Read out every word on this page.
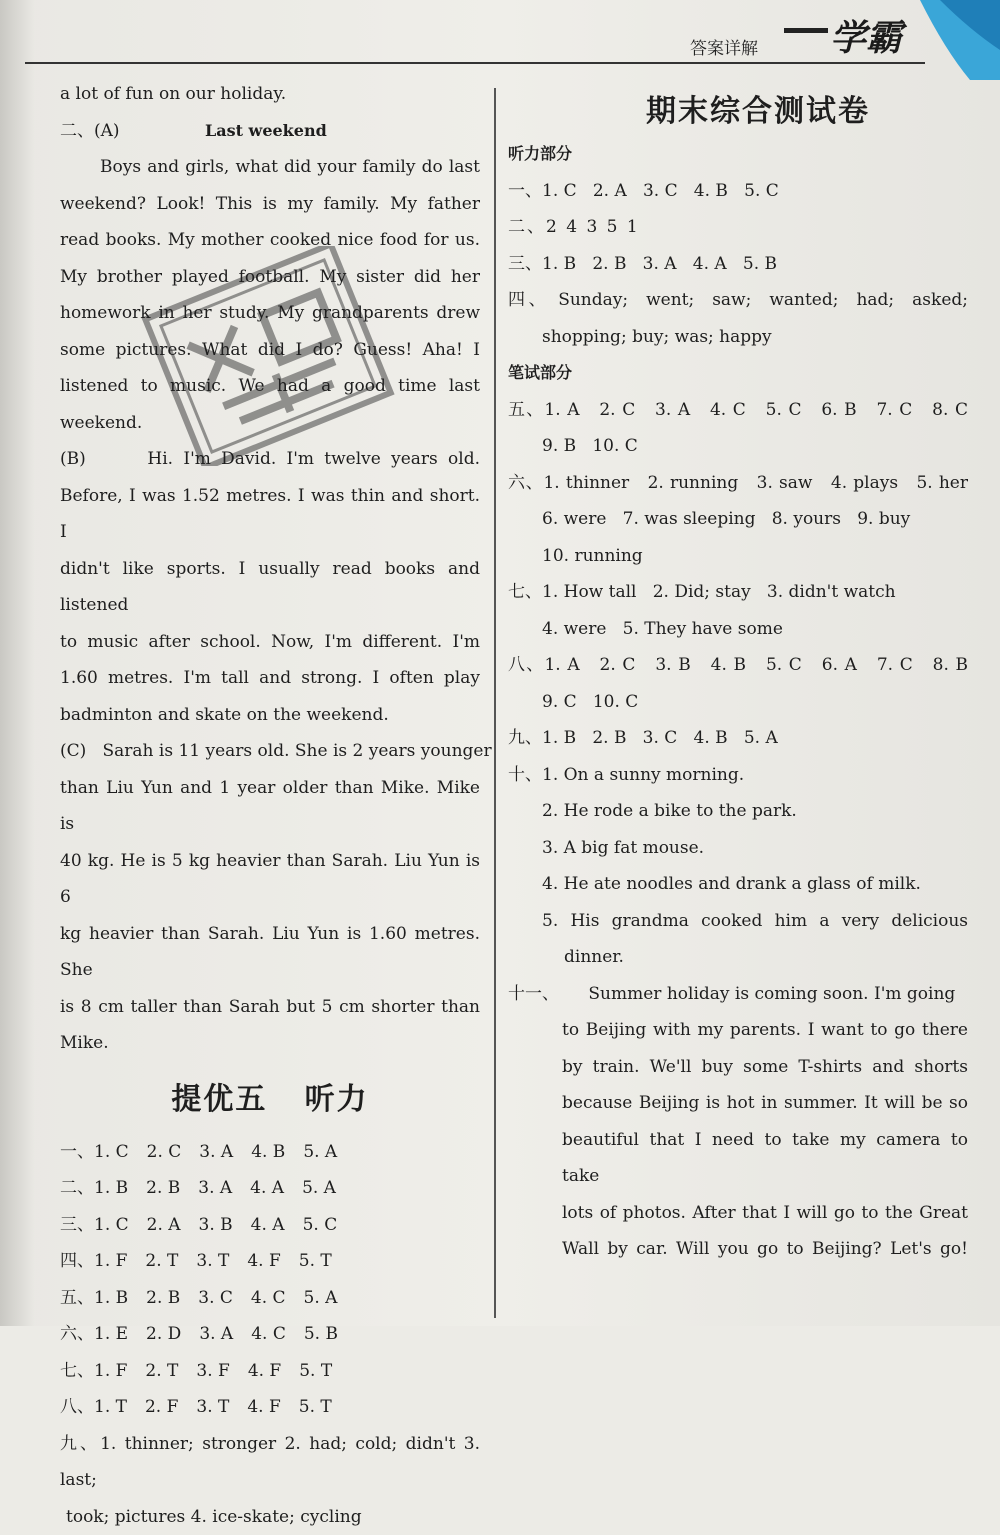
答案详解 学霸
a lot of fun on our holiday.
二、(A)	Last weekend
Boys and girls, what did your family do last
weekend? Look! This is my family. My father
read books. My mother cooked nice food for us.
My brother played football. My sister did her
homework in her study. My grandparents drew
some pictures. What did I do? Guess! Aha! I
listened to music. We had a good time last
weekend.
(B)      Hi. I'm David. I'm twelve years old.
Before, I was 1.52 metres. I was thin and short. I
didn't like sports. I usually read books and listened
to music after school. Now, I'm different. I'm
1.60 metres. I'm tall and strong. I often play
badminton and skate on the weekend.
(C)   Sarah is 11 years old. She is 2 years younger
than Liu Yun and 1 year older than Mike. Mike is
40 kg. He is 5 kg heavier than Sarah. Liu Yun is 6
kg heavier than Sarah. Liu Yun is 1.60 metres. She
is 8 cm taller than Sarah but 5 cm shorter than
Mike.
提优五   听力
一、1. C 2. C 3. A 4. B 5. A
二、1. B 2. B 3. A 4. A 5. A
三、1. C 2. A 3. B 4. A 5. C
四、1. F 2. T 3. T 4. F 5. T
五、1. B 2. B 3. C 4. C 5. A
六、1. E 2. D 3. A 4. C 5. B
七、1. F 2. T 3. F 4. F 5. T
八、1. T 2. F 3. T 4. F 5. T
九、1. thinner; stronger 2. had; cold; didn't 3. last;
took; pictures 4. ice-skate; cycling
期末综合测试卷
听力部分
一、1. C   2. A   3. C   4. B   5. C
二、2 4 3 5 1
三、1. B   2. B   3. A   4. A   5. B
四、 Sunday;  went;  saw;  wanted;  had;  asked;
shopping; buy; was; happy
笔试部分
五、1. A   2. C   3. A   4. C   5. C   6. B   7. C   8. C
9. B   10. C
六、1. thinner   2. running   3. saw   4. plays   5. her
6. were   7. was sleeping   8. yours   9. buy
10. running
七、1. How tall   2. Did; stay   3. didn't watch
4. were   5. They have some
八、1. A   2. C   3. B   4. B   5. C   6. A   7. C   8. B
9. C   10. C
九、1. B   2. B   3. C   4. B   5. A
十、1. On a sunny morning.
2. He rode a bike to the park.
3. A big fat mouse.
4. He ate noodles and drank a glass of milk.
5. His grandma cooked him a very delicious
dinner.
十一、 Summer holiday is coming soon. I'm going
to Beijing with my parents. I want to go there
by train. We'll buy some T-shirts and shorts
because Beijing is hot in summer. It will be so
beautiful that I need to take my camera to take
lots of photos. After that I will go to the Great
Wall by car. Will you go to Beijing? Let's go!
